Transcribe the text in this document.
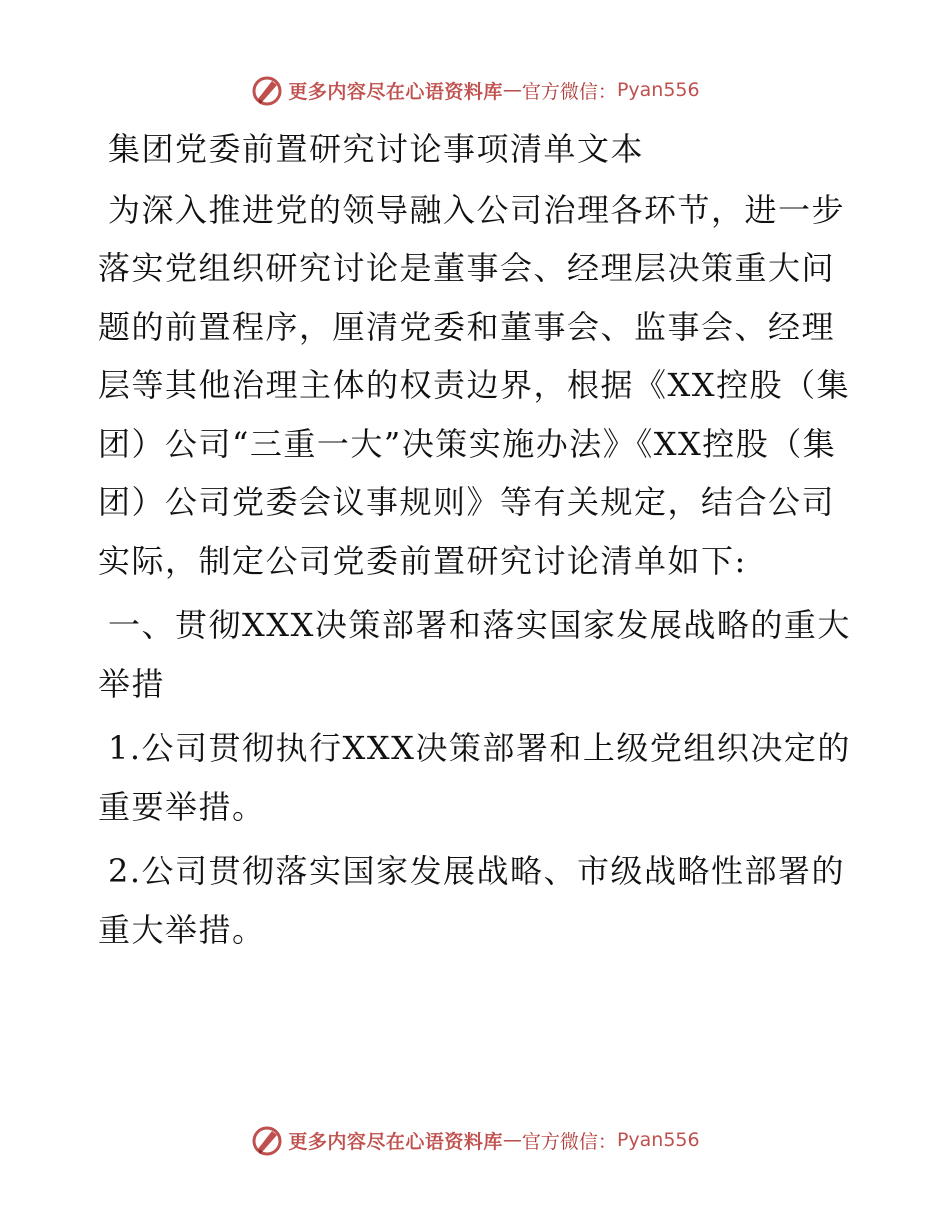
更多内容尽在心语资料库 — 官方微信： Pyan556

集团党委前置研究讨论事项清单文本

为深入推进党的领导融入公司治理各环节，进一步落实党组织研究讨论是董事会、经理层决策重大问题的前置程序，厘清党委和董事会、监事会、经理层等其他治理主体的权责边界，根据《XX控股（集团）公司“三重一大”决策实施办法》《XX控股（集团）公司党委会议事规则》等有关规定，结合公司实际，制定公司党委前置研究讨论清单如下:

一、贯彻XXX决策部署和落实国家发展战略的重大举措

1.公司贯彻执行XXX决策部署和上级党组织决定的重要举措。

2.公司贯彻落实国家发展战略、市级战略性部署的重大举措。

更多内容尽在心语资料库 — 官方微信： Pyan556
